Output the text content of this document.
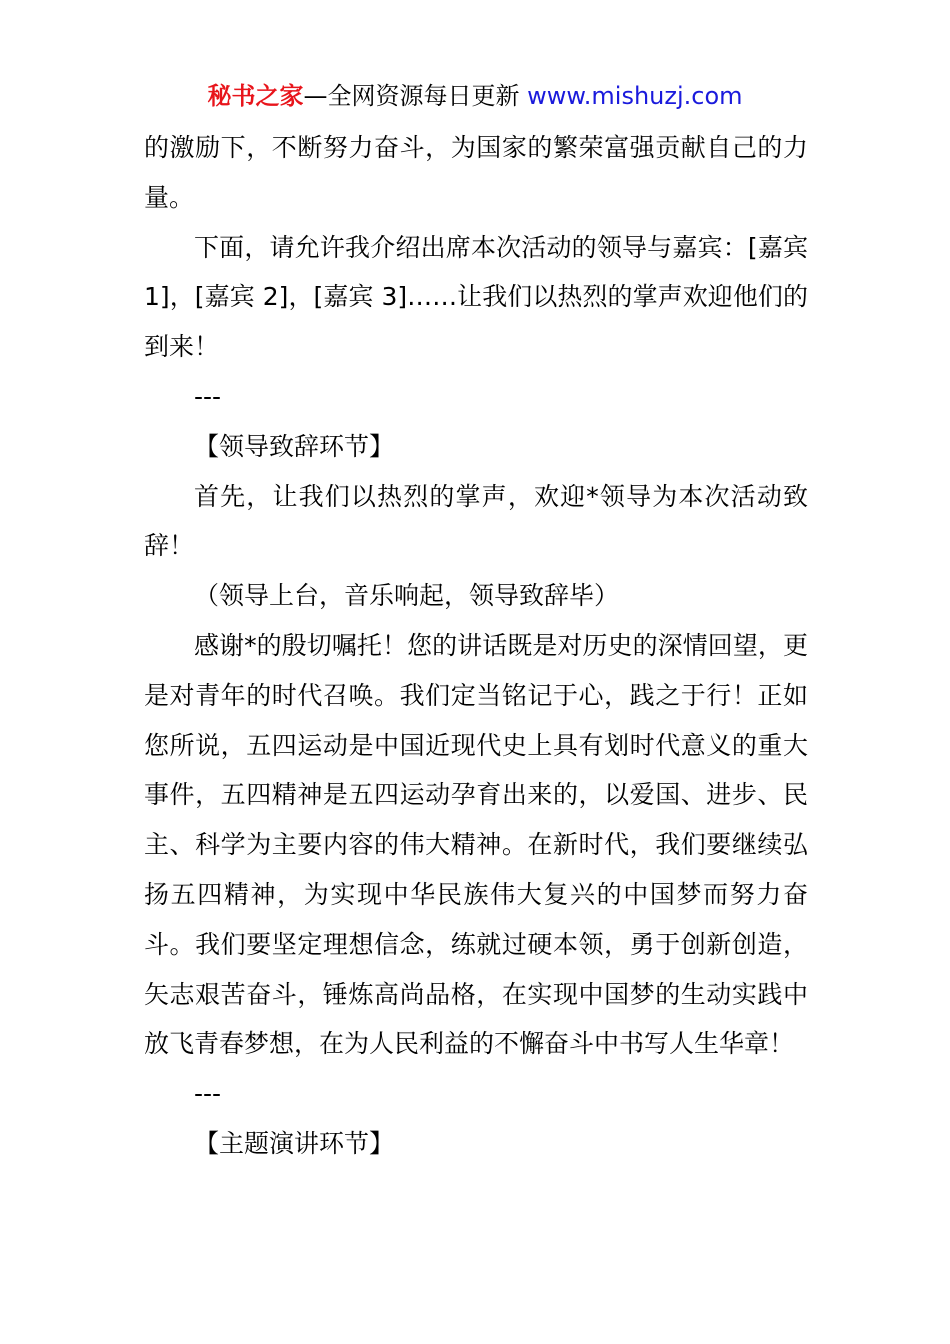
秘书之家—全网资源每日更新 www.mishuzj.com

的激励下，不断努力奋斗，为国家的繁荣富强贡献自己的力量。

下面，请允许我介绍出席本次活动的领导与嘉宾：[嘉宾 1]，[嘉宾 2]，[嘉宾 3]……让我们以热烈的掌声欢迎他们的到来！

---

【领导致辞环节】

首先，让我们以热烈的掌声，欢迎*领导为本次活动致辞！

（领导上台，音乐响起，领导致辞毕）

感谢*的殷切嘱托！您的讲话既是对历史的深情回望，更是对青年的时代召唤。我们定当铭记于心，践之于行！正如您所说，五四运动是中国近现代史上具有划时代意义的重大事件，五四精神是五四运动孕育出来的，以爱国、进步、民主、科学为主要内容的伟大精神。在新时代，我们要继续弘扬五四精神，为实现中华民族伟大复兴的中国梦而努力奋斗。我们要坚定理想信念，练就过硬本领，勇于创新创造，矢志艰苦奋斗，锤炼高尚品格，在实现中国梦的生动实践中放飞青春梦想，在为人民利益的不懈奋斗中书写人生华章！

---

【主题演讲环节】
